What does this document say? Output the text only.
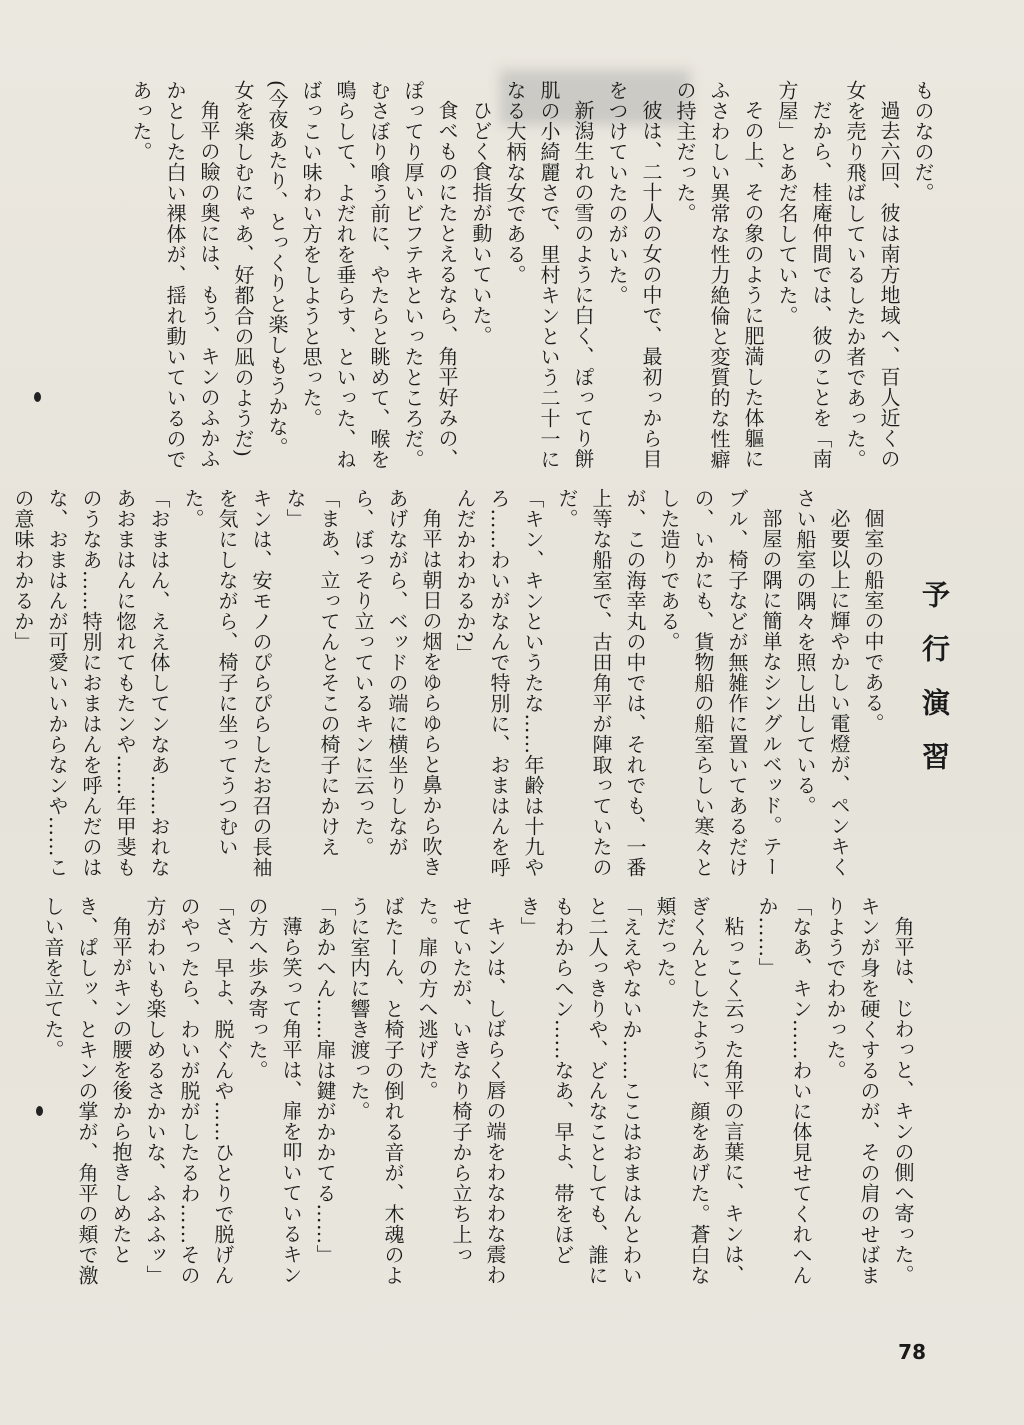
ものなのだ。

過去六回、彼は南方地域へ、百人近くの女を売り飛ばしているしたか者であった。

だから、桂庵仲間では、彼のことを「南方屋」とあだ名していた。

その上、その象のように肥満した体軀にふさわしい異常な性力絶倫と変質的な性癖の持主だった。

彼は、二十人の女の中で、最初っから目をつけていたのがいた。

新潟生れの雪のように白く、ぽってり餅肌の小綺麗さで、里村キンという二十一になる大柄な女である。

ひどく食指が動いていた。

食べものにたとえるなら、角平好みの、ぽってり厚いビフテキといったところだ。むさぼり喰う前に、やたらと眺めて、喉を鳴らして、よだれを垂らす、といった、ねばっこい味わい方をしようと思った。

(今夜あたり、とっくりと楽しもうかな。女を楽しむにゃあ、好都合の凪のようだ)

角平の瞼の奥には、もう、キンのふかふかとした白い裸体が、揺れ動いているのであった。

予行演習

個室の船室の中である。

必要以上に輝やかしい電燈が、ペンキくさい船室の隅々を照し出している。

部屋の隅に簡単なシングルベッド。テーブル、椅子などが無雑作に置いてあるだけの、いかにも、貨物船の船室らしい寒々とした造りである。

が、この海幸丸の中では、それでも、一番上等な船室で、古田角平が陣取っていたのだ。

「キン、キンというたな……年齢は十九やろ……わいがなんで特別に、おまはんを呼んだかわかるか?」

角平は朝日の烟をゆらゆらと鼻から吹きあげながら、ベッドの端に横坐りしながら、ぼっそり立っているキンに云った。

「まあ、立ってんとそこの椅子にかけえな」

キンは、安モノのぴらぴらしたお召の長袖を気にしながら、椅子に坐ってうつむいた。

「おまはん、ええ体してンなあ……おれなあおまはんに惚れてもたンや……年甲斐ものうなあ……特別におまはんを呼んだのはな、おまはんが可愛いいからなンや……この意味わかるか」

角平は、じわっと、キンの側へ寄った。キンが身を硬くするのが、その肩のせばまりようでわかった。

「なあ、キン……わいに体見せてくれへんか……」

粘っこく云った角平の言葉に、キンは、ぎくんとしたように、顔をあげた。蒼白な頬だった。

「ええやないか……ここはおまはんとわいと二人っきりや、どんなことしても、誰にもわからへン……なあ、早よ、帯をほどき」

キンは、しばらく唇の端をわなわな震わせていたが、いきなり椅子から立ち上った。扉の方へ逃げた。

ばたーん、と椅子の倒れる音が、木魂のように室内に響き渡った。

「あかへん……扉は鍵がかかてる……」

薄ら笑って角平は、扉を叩いているキンの方へ歩み寄った。

「さ、早よ、脱ぐんや……ひとりで脱げんのやったら、わいが脱がしたるわ……その方がわいも楽しめるさかいな、ふふふッ」

角平がキンの腰を後から抱きしめたとき、ぱしッ、とキンの掌が、角平の頬で激しい音を立てた。

78
